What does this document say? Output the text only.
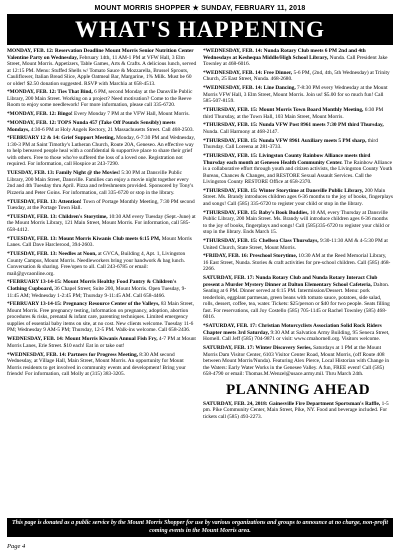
MOUNT MORRIS SHOPPER ★ SUNDAY, FEBRUARY 11, 2018
WHAT'S HAPPENING
MONDAY, FEB. 12: Reservation Deadline Mount Morris Senior Nutrition Center Valentine Party on Wednesday, February 14th, 11 AM-1 PM at VFW Hall, 3 Elm Street, Mount Morris. Appetizers, Table Games, Arts & Crafts. A delicious lunch, served at 12:15 PM. Menu: Stuffed Shells w/ Tomato Sauce & Mozzarella, Brussel Sprouts, Cauliflower, Italian Bread Slice, Apple Oatmeal Bar, Margarine, 1% Milk. Must be 60 or older! $2.50 donation suggested. RSVP with Marchia at 658-4513.
*MONDAY, FEB. 12: Ties That Bind, 6 PM, second Monday at the Dansville Public Library, 200 Main Street. Working on a project? Need motivation? Come to the Reeve Room to enjoy some needlework! For more information, please call 335-6720.
*MONDAY, FEB. 12: Bingo! Every Monday 7 PM at the VFW Hall, Mount Morris.
*MONDAY, FEB. 12: TOPS Nunda 457 (Take Off Pounds Sensibly) meets Mondays, 4:30-6 PM at Holy Angels Rectory, 21 Massachusetts Street. Call 468-2503.
*FEBRUARY 12 & 14: Grief Support Meeting, Monday, 6-7:30 PM and Wednesday, 1:30-3 PM at Saint Timothy's Lutheran Church, Route 20A, Geneseo. An effective way to help bereaved people heal with a confidential & supportive place to share their grief with others. Free to those who've suffered the loss of a loved one. Registration not required. For information, call Hospice at 243-7290.
TUESDAY, FEB. 13: Family Night @ the Movies! 5:30 PM at Dansville Public Library, 200 Main Street, Dansville. Families can enjoy a movie night together every 2nd and 4th Tuesday thru April. Pizza and refreshments provided. Sponsored by Tony's Pizzeria and Peter Goins. For information, call 335-6720 or stop in the library.
*TUESDAY, FEB. 13: Attention! Town of Portage Monthly Meeting, 7:30 PM second Tuesday, at the Portage Town Hall.
*TUESDAY, FEB. 13: Children's Storytime, 10:30 AM every Tuesday (Sept.-June) at the Mount Morris Library, 121 Main Street, Mount Morris. For information, call 585-658-4412.
*TUESDAY, FEB. 13: Mount Morris Kiwanis Club meets 6:15 PM, Mount Morris Lanes. Call Dave Harclerood, 394-2603.
*TUESDAY, FEB. 13: Needles at Noon, at GVCA, Building 4, Apt. 1, Livingston County Campus, Mount Morris. Needleworkers bring your handwork & bag lunch. Conversation & sharing. Free/open to all. Call 243-6785 or email: mail@gvcaonline.org.
*FEBRUARY 13-14-15: Mount Morris Healthy Food Pantry & Children's Clothing Cupboard, 36 Chapel Street; Suite 200, Mount Morris. Open Tuesday, 9-11:45 AM; Wednesday 1-2:45 PM; Thursday 9-11:45 AM. Call 658-4466.
*FEBRUARY 13-14-15: Pregnancy Resource Center of the Valleys, 83 Main Street, Mount Morris. Free pregnancy testing, information on pregnancy, adoption, abortion procedures & risks, prenatal & infant care, parenting techniques. Limited emergency supplies of essential baby items on site, at no cost. New clients welcome. Tuesday 11-6 PM; Wednesday 9 AM-5 PM; Thursday, 12-5 PM. Walk-ins welcome. Call 658-2436.
WEDNESDAY, FEB. 14: Mount Morris Kiwanis Annual Fish Fry, 4-7 PM at Mount Morris Lanes, Erie Street. $10 each! Eat in or take out!
*WEDNESDAY, FEB. 14: Partners for Progress Meeting, 8:30 AM second Wednesday, at Village Hall, Main Street, Mount Morris. An opportunity for Mount Morris residents to get involved in community events and development! Bring your friends! For information, call Molly at (315) 383-3205.
*WEDNESDAY, FEB. 14: Nunda Rotary Club meets 6 PM 2nd and 4th Wednesdays at Keshequa Middle/High School Library, Nunda. Call President Jake Townley at 468-6016.
*WEDNESDAY, FEB. 14: Free Dinner, 5-6 PM, (2nd, 4th, 5th Wednesday) at Trinity Church, 25 East Street, Nunda. 468-2680.
*WEDNESDAY, FEB. 14: Line Dancing, 7-8:30 PM every Wednesday at the Mount Morris VFW Hall, 3 Elm Street, Mount Morris. Join us! $5.00 for so much fun! Call 585-507-8159.
*THURSDAY, FEB. 15: Mount Morris Town Board Monthly Meeting, 6:30 PM third Thursday, at the Town Hall, 103 Main Street, Mount Morris.
*THURSDAY, FEB. 15: Nunda VFW Post 8961 meets 7:30 PM third Thursday, Nunda. Call Harmony at 468-2147.
*THURSDAY, FEB. 15: Nunda VFW 8961 Auxiliary meets 5 PM sharp, third Thursday. Call Loreena at 281-3733.
*THURSDAY, FEB. 15: Livingston County Rainbow Alliance meets third Thursday each month at Geneseo Health Community Center. The Rainbow Alliance is a collaborative effort through youth and citizen activists, the Livingston County Youth Bureau, Chances & Changes, and RESTORE Sexual Assault Services. Call the Livingston County RESTORE Office at 658-2370.
*THURSDAY, FEB. 15: Winter Storytime at Dansville Public Library, 200 Main Street. Ms. Brandy introduces children ages 6-36 months to the joy of books, fingerplays and songs! Call (585) 335-6720 to register your child or stop in the library.
*THURSDAY, FEB. 15: Baby's Book Buddies, 10 AM, every Thursday at Dansville Public Library, 200 Main Street. Ms. Brandy will introduce children ages 6-36 months to the joy of books, fingerplays and songs! Call (585)335-6720 to register your child or stop in the library. Ends March 15.
*THURSDAY, FEB. 15: Chellsea Class Thursdays, 9:30-11:30 AM & 4-5:30 PM at United Church, State Street, Mount Morris.
*FRIDAY, FEB. 16: Preschool Storytime, 10:30 AM at the Reed Memorial Library, 16 East Street, Nunda. Stories & craft activities for pre-school children. Call (585) 468-2266.
SATURDAY, FEB. 17: Nunda Rotary Club and Nunda Rotary Interact Club present a Murder Mystery Dinner at Dalton Elementary School Cafeteria, Dalton. Seating at 6 PM. Dinner served at 6:15 PM. Intermission/Dessert. Menu: pork tenderloin, eggplant parmesan, green beans with tomato sauce, potatoes, side salad, rolls, dessert, coffee, tea, water. Tickets: $25/person or $40 for two people. Seats filling fast. For reservations, call Joy Costello (585) 705-1145 or Rachel Townley (585) 468-6016.
*SATURDAY, FEB. 17: Christian Motorcyclists Association Solid Rock Riders Chapter meets 3rd Saturday, 9:30 AM at Salvation Army Building, 95 Seneca Street, Hornell. Call Jeff (585) 704-9871 or visit: www.cmahornell.org. Visitors welcome.
SATURDAY, FEB. 17: Winter Discovery Series, Saturdays at 1 PM at the Mount Morris Dam Visitor Center, 6103 Visitor Center Road, Mount Morris, (off Route 408 between Mount Morris/Nunda). Featuring Alex Pierce, Local Historian with Change in the Waters: Early Water Works in the Genesee Valley. A fun, FREE event! Call (585) 658-4790 or email: Thomas.M.Wenzel@usace.army.mil. Thru March 24th.
PLANNING AHEAD
SATURDAY, FEB. 24, 2018: Gainesville Fire Department Sportsman's Raffle, 1-5 pm. Pike Community Center, Main Street, Pike, NY. Food and beverage included. For tickets call (585) 493-2273.
This page is donated as a public service by the Mount Morris Shopper for use by various organizations and groups to announce at no charge, non-profit coming events in the Mount Morris area.
Page 4
